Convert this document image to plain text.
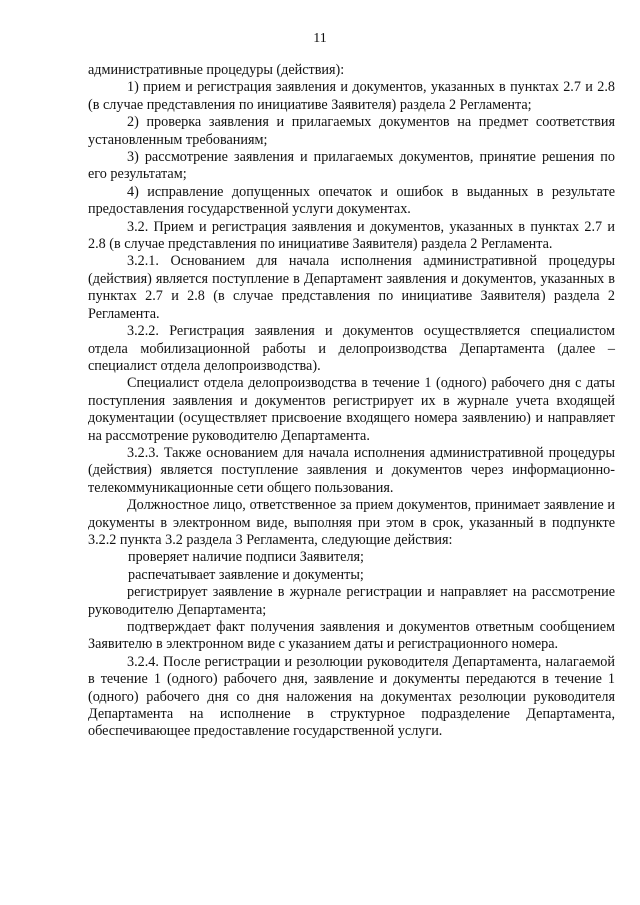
11

административные процедуры (действия):

1) прием и регистрация заявления и документов, указанных в пунктах 2.7 и 2.8 (в случае представления по инициативе Заявителя) раздела 2 Регламента;

2) проверка заявления и прилагаемых документов на предмет соответствия установленным требованиям;

3) рассмотрение заявления и прилагаемых документов, принятие решения по его результатам;

4) исправление допущенных опечаток и ошибок в выданных в результате предоставления государственной услуги документах.

3.2. Прием и регистрация заявления и документов, указанных в пунктах 2.7 и 2.8 (в случае представления по инициативе Заявителя) раздела 2 Регламента.

3.2.1. Основанием для начала исполнения административной процедуры (действия) является поступление в Департамент заявления и документов, указанных в пунктах 2.7 и 2.8 (в случае представления по инициативе Заявителя) раздела 2 Регламента.

3.2.2. Регистрация заявления и документов осуществляется специалистом отдела мобилизационной работы и делопроизводства Департамента (далее – специалист отдела делопроизводства).

Специалист отдела делопроизводства в течение 1 (одного) рабочего дня с даты поступления заявления и документов регистрирует их в журнале учета входящей документации (осуществляет присвоение входящего номера заявлению) и направляет на рассмотрение руководителю Департамента.

3.2.3. Также основанием для начала исполнения административной процедуры (действия) является поступление заявления и документов через информационно-телекоммуникационные сети общего пользования.

Должностное лицо, ответственное за прием документов, принимает заявление и документы в электронном виде, выполняя при этом в срок, указанный в подпункте 3.2.2 пункта 3.2 раздела 3 Регламента, следующие действия:

проверяет наличие подписи Заявителя;

распечатывает заявление и документы;

регистрирует заявление в журнале регистрации и направляет на рассмотрение руководителю Департамента;

подтверждает факт получения заявления и документов ответным сообщением Заявителю в электронном виде с указанием даты и регистрационного номера.

3.2.4. После регистрации и резолюции руководителя Департамента, налагаемой в течение 1 (одного) рабочего дня, заявление и документы передаются в течение 1 (одного) рабочего дня со дня наложения на документах резолюции руководителя Департамента на исполнение в структурное подразделение Департамента, обеспечивающее предоставление государственной услуги.
